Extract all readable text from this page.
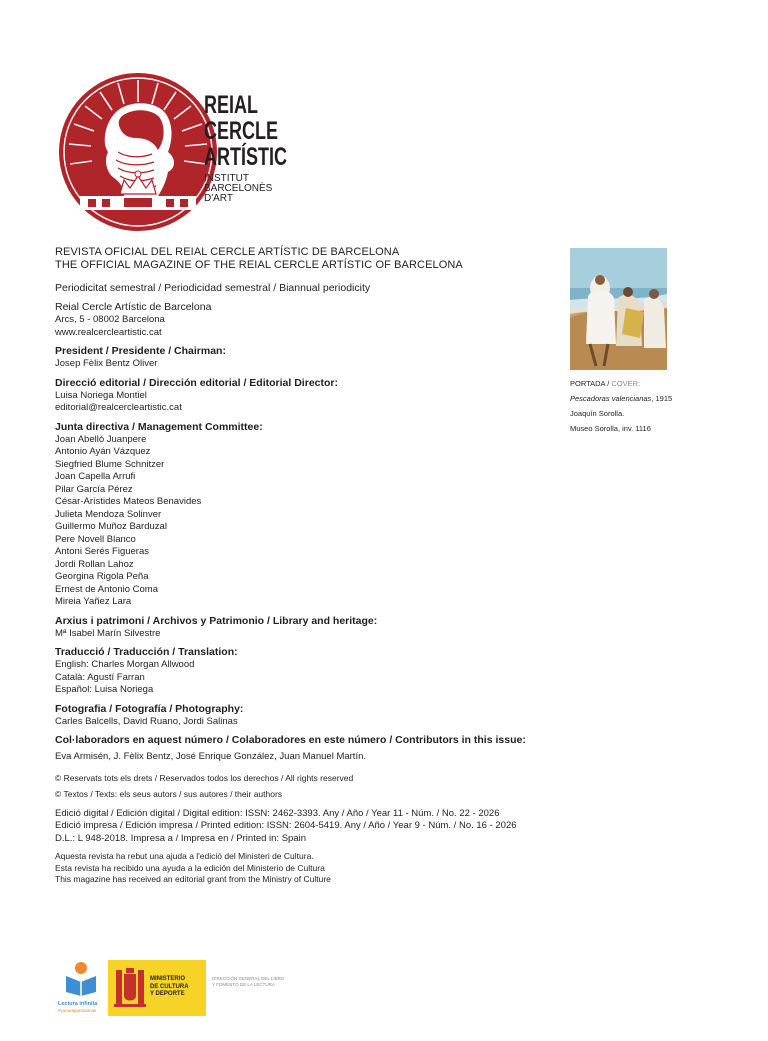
REIAL
CERCLE
ARTÍSTIC
INSTITUT
BARCELONÈS
D'ART
REVISTA OFICIAL DEL REIAL CERCLE ARTÍSTIC DE BARCELONA
THE OFFICIAL MAGAZINE OF THE REIAL CERCLE ARTÍSTIC OF BARCELONA
Periodicitat semestral / Periodicidad semestral / Biannual periodicity
Reial Cercle Artístic de Barcelona
Arcs, 5 - 08002 Barcelona
www.realcercleartistic.cat
President / Presidente / Chairman:
Josep Fèlix Bentz Oliver
Direcció editorial / Dirección editorial / Editorial Director:
Luisa Noriega Montiel
editorial@realcercleartistic.cat
Junta directiva / Management Committee:
Joan Abelló Juanpere
Antonio Ayán Vázquez
Siegfried Blume Schnitzer
Joan Capella Arrufi
Pilar García Pérez
César-Arístides Mateos Benavides
Julieta Mendoza Solinver
Guillermo Muñoz Barduzal
Pere Novell Blanco
Antoni Serés Figueras
Jordi Rollan Lahoz
Georgina Rigola Peña
Ernest de Antonio Coma
Mireia Yañez Lara
Arxius i patrimoni / Archivos y Patrimonio / Library and heritage:
Mª Isabel Marín Silvestre
Traducció / Traducción / Translation:
English: Charles Morgan Allwood
Català: Agustí Farran
Español: Luisa Noriega
Fotografia / Fotografía / Photography:
Carles Balcells, David Ruano, Jordi Salinas
Col·laboradors en aquest número / Colaboradores en este número / Contributors in this issue:
Eva Armisén, J. Fèlix Bentz, José Enrique González, Juan Manuel Martín.
© Reservats tots els drets / Reservados todos los derechos / All rights reserved
© Textos / Texts: els seus autors / sus autores / their authors
Edició digital / Edición digital / Digital edition: ISSN: 2462-3393. Any / Año / Year 11 - Núm. / No. 22 - 2026
Edició impresa / Edición impresa / Printed edition: ISSN: 2604-5419. Any / Año / Year 9 - Núm. / No. 16 - 2026
D.L.: L 948-2018. Impresa a / Impresa en / Printed in: Spain
Aquesta revista ha rebut una ajuda a l'edició del Ministeri de Cultura.
Esta revista ha recibido una ayuda a la edición del Ministerio de Cultura
This magazine has received an editorial grant from the Ministry of Culture
PORTADA / COVER:
Pescadoras valencianas, 1915
Joaquín Sorolla.
Museo Sorolla, inv. 1116
Lectura infinita
#yomeapuntoamas
MINISTERIO
DE CULTURA
Y DEPORTE
DIRECCIÓN GENERAL DEL LIBRO
Y FOMENTO DE LA LECTURA
